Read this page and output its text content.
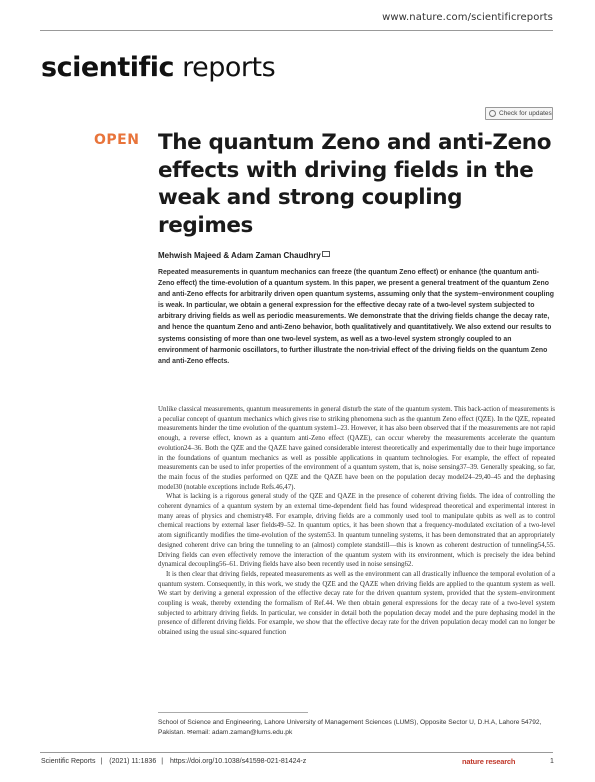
www.nature.com/scientificreports
scientific reports
OPEN
Check for updates
The quantum Zeno and anti-Zeno effects with driving fields in the weak and strong coupling regimes
Mehwish Majeed & Adam Zaman Chaudhry
Repeated measurements in quantum mechanics can freeze (the quantum Zeno effect) or enhance (the quantum anti-Zeno effect) the time-evolution of a quantum system. In this paper, we present a general treatment of the quantum Zeno and anti-Zeno effects for arbitrarily driven open quantum systems, assuming only that the system–environment coupling is weak. In particular, we obtain a general expression for the effective decay rate of a two-level system subjected to arbitrary driving fields as well as periodic measurements. We demonstrate that the driving fields change the decay rate, and hence the quantum Zeno and anti-Zeno behavior, both qualitatively and quantitatively. We also extend our results to systems consisting of more than one two-level system, as well as a two-level system strongly coupled to an environment of harmonic oscillators, to further illustrate the non-trivial effect of the driving fields on the quantum Zeno and anti-Zeno effects.

Unlike classical measurements, quantum measurements in general disturb the state of the quantum system. This back-action of measurements is a peculiar concept of quantum mechanics which gives rise to striking phenomena such as the quantum Zeno effect (QZE). In the QZE, repeated measurements hinder the time evolution of the quantum system1–23. However, it has also been observed that if the measurements are not rapid enough, a reverse effect, known as a quantum anti-Zeno effect (QAZE), can occur whereby the measurements accelerate the quantum evolution24–36. Both the QZE and the QAZE have gained considerable interest theoretically and experimentally due to their huge importance in the foundations of quantum mechanics as well as possible applications in quantum technologies. For example, the effect of repeated measurements can be used to infer properties of the environment of a quantum system, that is, noise sensing37–39. Generally speaking, so far, the main focus of the studies performed on QZE and the QAZE have been on the population decay model24–29,40–45 and the dephasing model30 (notable exceptions include Refs.46,47).

What is lacking is a rigorous general study of the QZE and QAZE in the presence of coherent driving fields. The idea of controlling the coherent dynamics of a quantum system by an external time-dependent field has found widespread theoretical and experimental interest in many areas of physics and chemistry48. For example, driving fields are a commonly used tool to manipulate qubits as well as to control chemical reactions by external laser fields49–52. In quantum optics, it has been shown that a frequency-modulated excitation of a two-level atom significantly modifies the time-evolution of the system53. In quantum tunneling systems, it has been demonstrated that an appropriately designed coherent drive can bring the tunneling to an (almost) complete standstill—this is known as coherent destruction of tunneling54,55. Driving fields can even effectively remove the interaction of the quantum system with its environment, which is precisely the idea behind dynamical decoupling56–61. Driving fields have also been recently used in noise sensing62.

It is then clear that driving fields, repeated measurements as well as the environment can all drastically influence the temporal evolution of a quantum system. Consequently, in this work, we study the QZE and the QAZE when driving fields are applied to the quantum system as well. We start by deriving a general expression of the effective decay rate for the driven quantum system, provided that the system–environment coupling is weak, thereby extending the formalism of Ref.44. We then obtain general expressions for the decay rate of a two-level system subjected to arbitrary driving fields. In particular, we consider in detail both the population decay model and the pure dephasing model in the presence of different driving fields. For example, we show that the effective decay rate for the driven population decay model can no longer be obtained using the usual sinc-squared function

School of Science and Engineering, Lahore University of Management Sciences (LUMS), Opposite Sector U, D.H.A, Lahore 54792, Pakistan. ✉email: adam.zaman@lums.edu.pk
Scientific Reports | (2021) 11:1836 | https://doi.org/10.1038/s41598-021-81424-z	nature research	1
